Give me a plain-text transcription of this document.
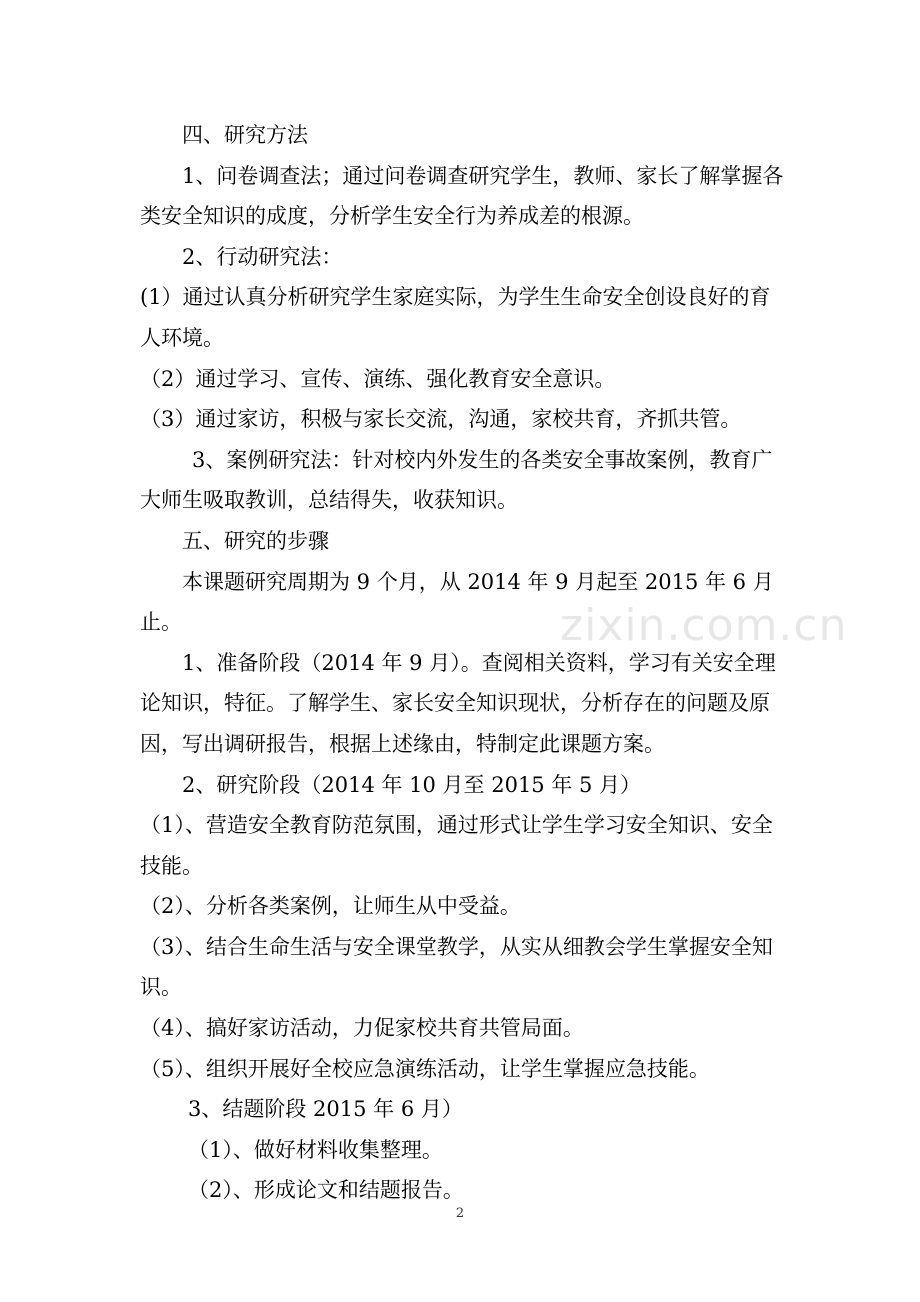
四、研究方法

1、问卷调查法；通过问卷调查研究学生，教师、家长了解掌握各类安全知识的成度，分析学生安全行为养成差的根源。

2、行动研究法：

(1）通过认真分析研究学生家庭实际，为学生生命安全创设良好的育人环境。

（2）通过学习、宣传、演练、强化教育安全意识。

（3）通过家访，积极与家长交流，沟通，家校共育，齐抓共管。

3、案例研究法：针对校内外发生的各类安全事故案例，教育广大师生吸取教训，总结得失，收获知识。

五、研究的步骤

本课题研究周期为 9 个月，从 2014 年 9 月起至 2015 年 6 月止。

1、准备阶段（2014 年 9 月）。查阅相关资料，学习有关安全理论知识，特征。了解学生、家长安全知识现状，分析存在的问题及原因，写出调研报告，根据上述缘由，特制定此课题方案。

2、研究阶段（2014 年 10 月至 2015 年 5 月）

（1）、营造安全教育防范氛围，通过形式让学生学习安全知识、安全技能。

（2）、分析各类案例，让师生从中受益。

（3）、结合生命生活与安全课堂教学，从实从细教会学生掌握安全知识。

（4）、搞好家访活动，力促家校共育共管局面。

（5）、组织开展好全校应急演练活动，让学生掌握应急技能。

3、结题阶段 2015 年 6 月）

（1）、做好材料收集整理。

（2）、形成论文和结题报告。

zixin.com.cn
2
